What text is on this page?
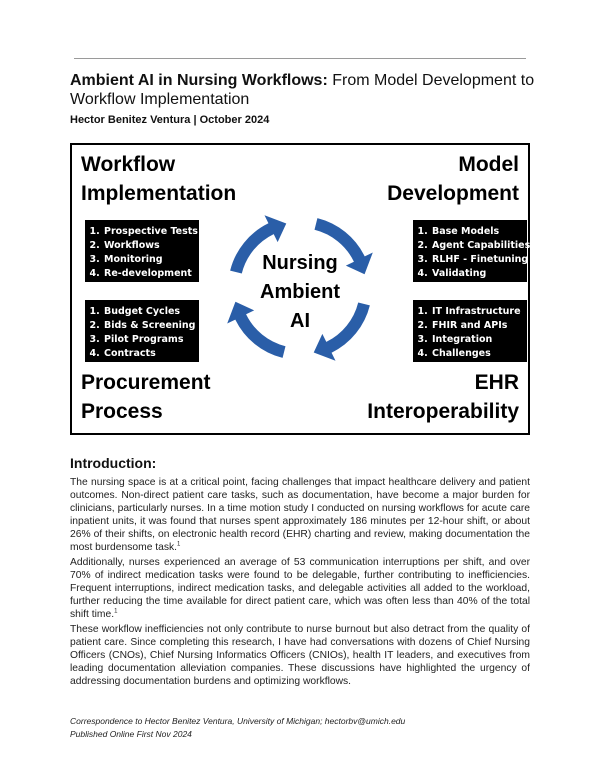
Ambient AI in Nursing Workflows: From Model Development to Workflow Implementation
Hector Benitez Ventura | October 2024
Workflow
Implementation
Model
Development
Procurement
Process
EHR
Interoperability
1. Prospective Tests
2. Workflows
3. Monitoring
4. Re-development
1. Budget Cycles
2. Bids & Screening
3. Pilot Programs
4. Contracts
1. Base Models
2. Agent Capabilities
3. RLHF - Finetuning
4. Validating
1. IT Infrastructure
2. FHIR and APIs
3. Integration
4. Challenges
Nursing
Ambient
AI
Introduction:
The nursing space is at a critical point, facing challenges that impact healthcare delivery and patient outcomes. Non-direct patient care tasks, such as documentation, have become a major burden for clinicians, particularly nurses. In a time motion study I conducted on nursing workflows for acute care inpatient units, it was found that nurses spent approximately 186 minutes per 12-hour shift, or about 26% of their shifts, on electronic health record (EHR) charting and review, making documentation the most burdensome task.$^1$
Additionally, nurses experienced an average of 53 communication interruptions per shift, and over 70% of indirect medication tasks were found to be delegable, further contributing to inefficiencies. Frequent interruptions, indirect medication tasks, and delegable activities all added to the workload, further reducing the time available for direct patient care, which was often less than 40% of the total shift time.$^1$
These workflow inefficiencies not only contribute to nurse burnout but also detract from the quality of patient care. Since completing this research, I have had conversations with dozens of Chief Nursing Officers (CNOs), Chief Nursing Informatics Officers (CNIOs), health IT leaders, and executives from leading documentation alleviation companies. These discussions have highlighted the urgency of addressing documentation burdens and optimizing workflows.
Correspondence to Hector Benitez Ventura, University of Michigan; hectorbv@umich.edu
Published Online First Nov 2024
